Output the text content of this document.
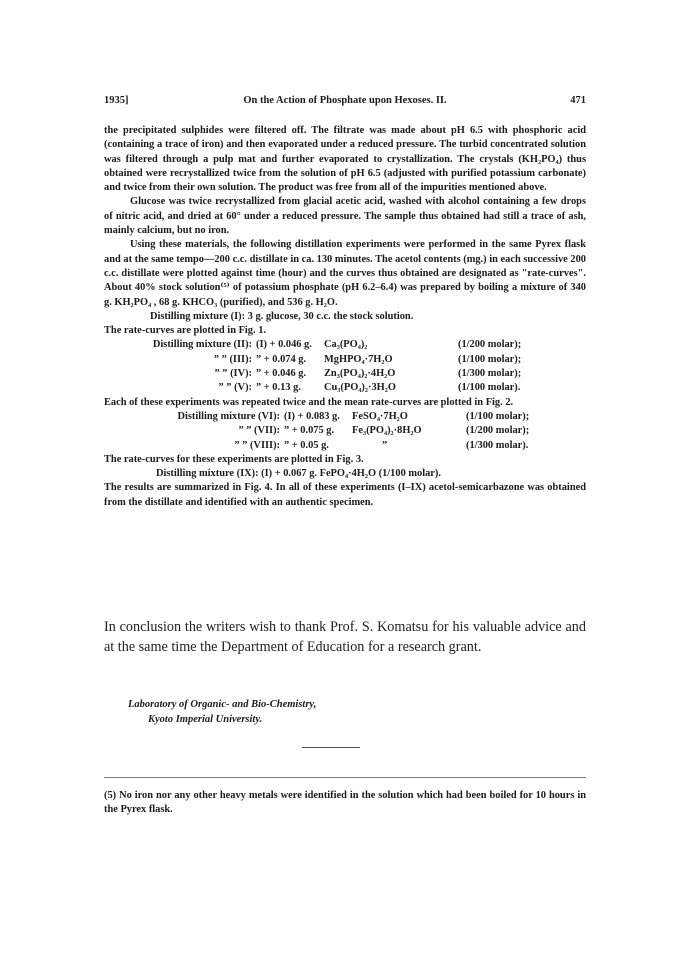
1935]	On the Action of Phosphate upon Hexoses. II.	471

the precipitated sulphides were filtered off. The filtrate was made about pH 6.5 with phosphoric acid (containing a trace of iron) and then evaporated under a reduced pressure. The turbid concentrated solution was filtered through a pulp mat and further evaporated to crystallization. The crystals (KH₂PO₄) thus obtained were recrystallized twice from the solution of pH 6.5 (adjusted with purified potassium carbonate) and twice from their own solution. The product was free from all of the impurities mentioned above.

Glucose was twice recrystallized from glacial acetic acid, washed with alcohol containing a few drops of nitric acid, and dried at 60° under a reduced pressure. The sample thus obtained had still a trace of ash, mainly calcium, but no iron.

Using these materials, the following distillation experiments were performed in the same Pyrex flask and at the same tempo—200 c.c. distillate in ca. 130 minutes. The acetol contents (mg.) in each successive 200 c.c. distillate were plotted against time (hour) and the curves thus obtained are designated as "rate-curves". About 40% stock solution⁽⁵⁾ of potassium phosphate (pH 6.2–6.4) was prepared by boiling a mixture of 340 g. KH₂PO₄ , 68 g. KHCO₃ (purified), and 536 g. H₂O.

Distilling mixture (I): 3 g. glucose, 30 c.c. the stock solution.

The rate-curves are plotted in Fig. 1.

Distilling mixture (II): (I) + 0.046 g.	Ca₃(PO₄)₂	(1/200 molar);
” ” (III): ” + 0.074 g.	MgHPO₄·7H₂O	(1/100 molar);
” ” (IV): ” + 0.046 g.	Zn₃(PO₄)₂·4H₂O	(1/300 molar);
” ” (V): ” + 0.13 g.	Cu₃(PO₄)₂·3H₂O	(1/100 molar).

Each of these experiments was repeated twice and the mean rate-curves are plotted in Fig. 2.

Distilling mixture (VI): (I) + 0.083 g.	FeSO₄·7H₂O	(1/100 molar);
” ” (VII): ” + 0.075 g.	Fe₃(PO₄)₂·8H₂O	(1/200 molar);
” ” (VIII): ” + 0.05 g.	”	(1/300 molar).

The rate-curves for these experiments are plotted in Fig. 3.

Distilling mixture (IX): (I) + 0.067 g. FePO₄·4H₂O (1/100 molar).

The results are summarized in Fig. 4. In all of these experiments (I–IX) acetol-semicarbazone was obtained from the distillate and identified with an authentic specimen.

In conclusion the writers wish to thank Prof. S. Komatsu for his valuable advice and at the same time the Department of Education for a research grant.

Laboratory of Organic- and Bio-Chemistry,
Kyoto Imperial University.

(5) No iron nor any other heavy metals were identified in the solution which had been boiled for 10 hours in the Pyrex flask.
